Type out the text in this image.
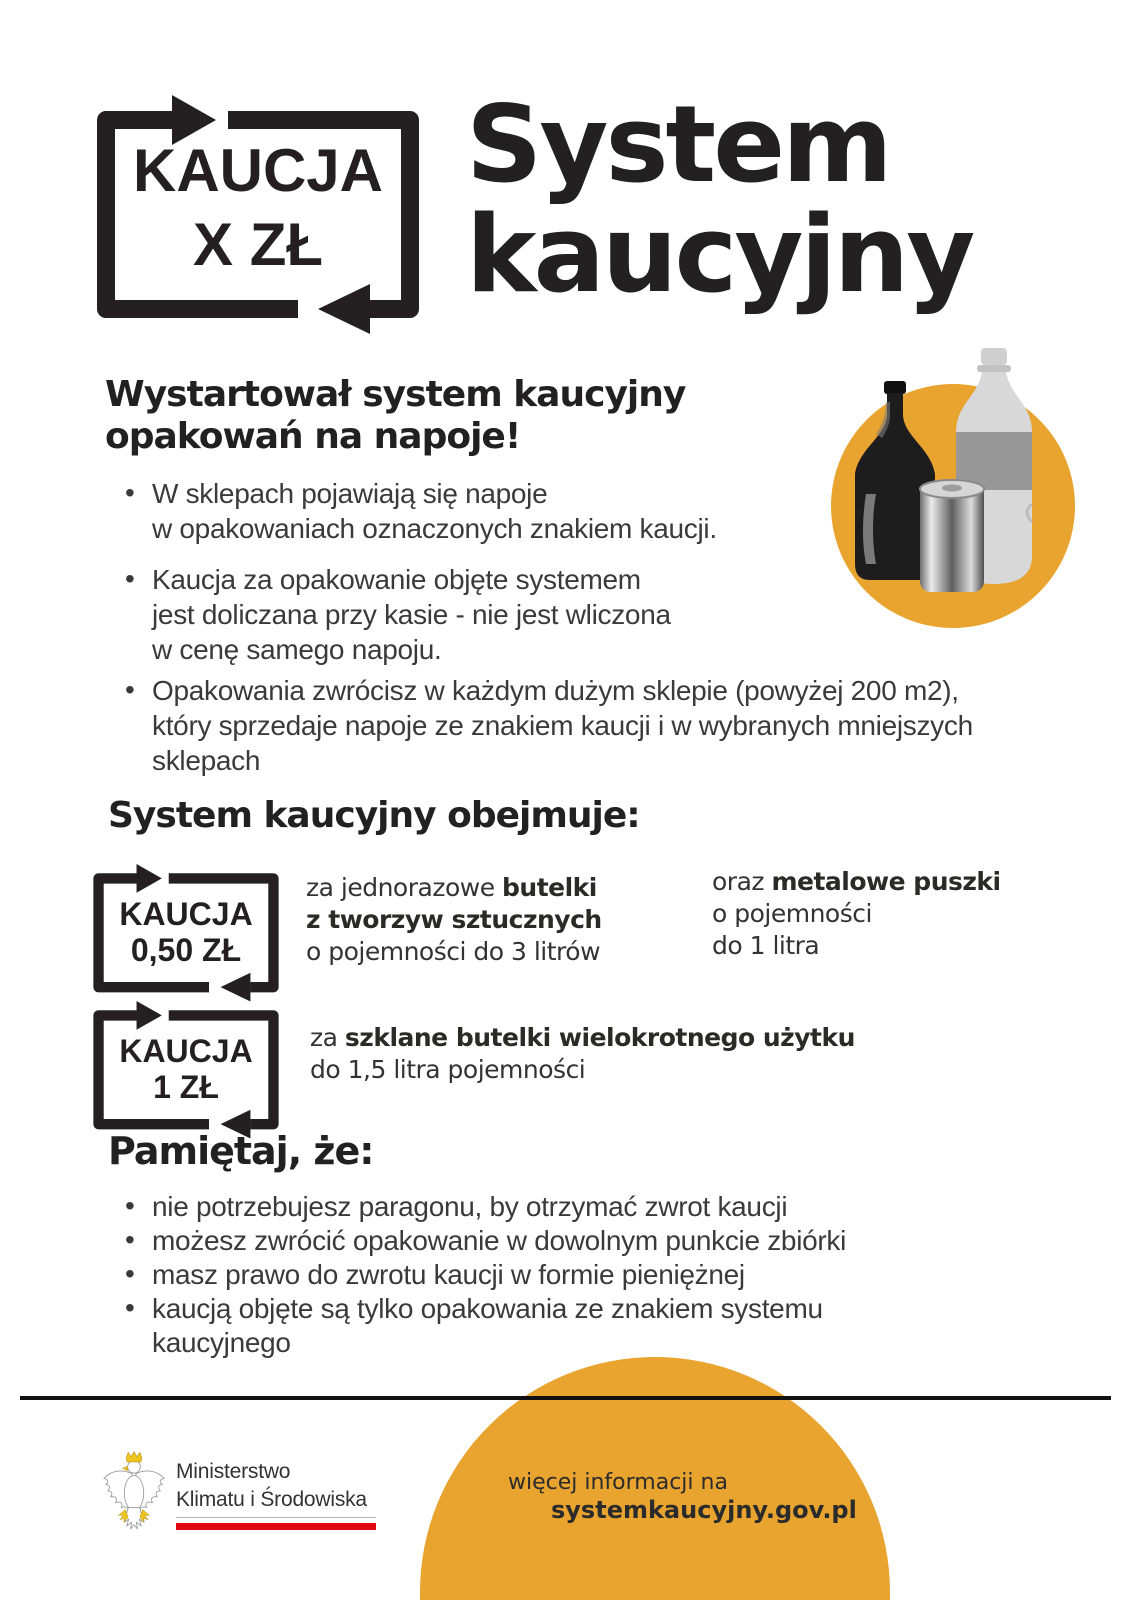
KAUCJA
X ZŁ
System
kaucyjny
Wystartował system kaucyjny
opakowań na napoje!
• W sklepach pojawiają się napoje
w opakowaniach oznaczonych znakiem kaucji.
• Kaucja za opakowanie objęte systemem
jest doliczana przy kasie - nie jest wliczona
w cenę samego napoju.
• Opakowania zwrócisz w każdym dużym sklepie (powyżej 200 m2),
który sprzedaje napoje ze znakiem kaucji i w wybranych mniejszych
sklepach
System kaucyjny obejmuje:
KAUCJA
0,50 ZŁ
za jednorazowe butelki
z tworzyw sztucznych
o pojemności do 3 litrów
oraz metalowe puszki
o pojemności
do 1 litra
KAUCJA
1 ZŁ
za szklane butelki wielokrotnego użytku
do 1,5 litra pojemności
Pamiętaj, że:
• nie potrzebujesz paragonu, by otrzymać zwrot kaucji
• możesz zwrócić opakowanie w dowolnym punkcie zbiórki
• masz prawo do zwrotu kaucji w formie pieniężnej
• kaucją objęte są tylko opakowania ze znakiem systemu
kaucyjnego
więcej informacji na
systemkaucyjny.gov.pl
Ministerstwo
Klimatu i Środowiska
